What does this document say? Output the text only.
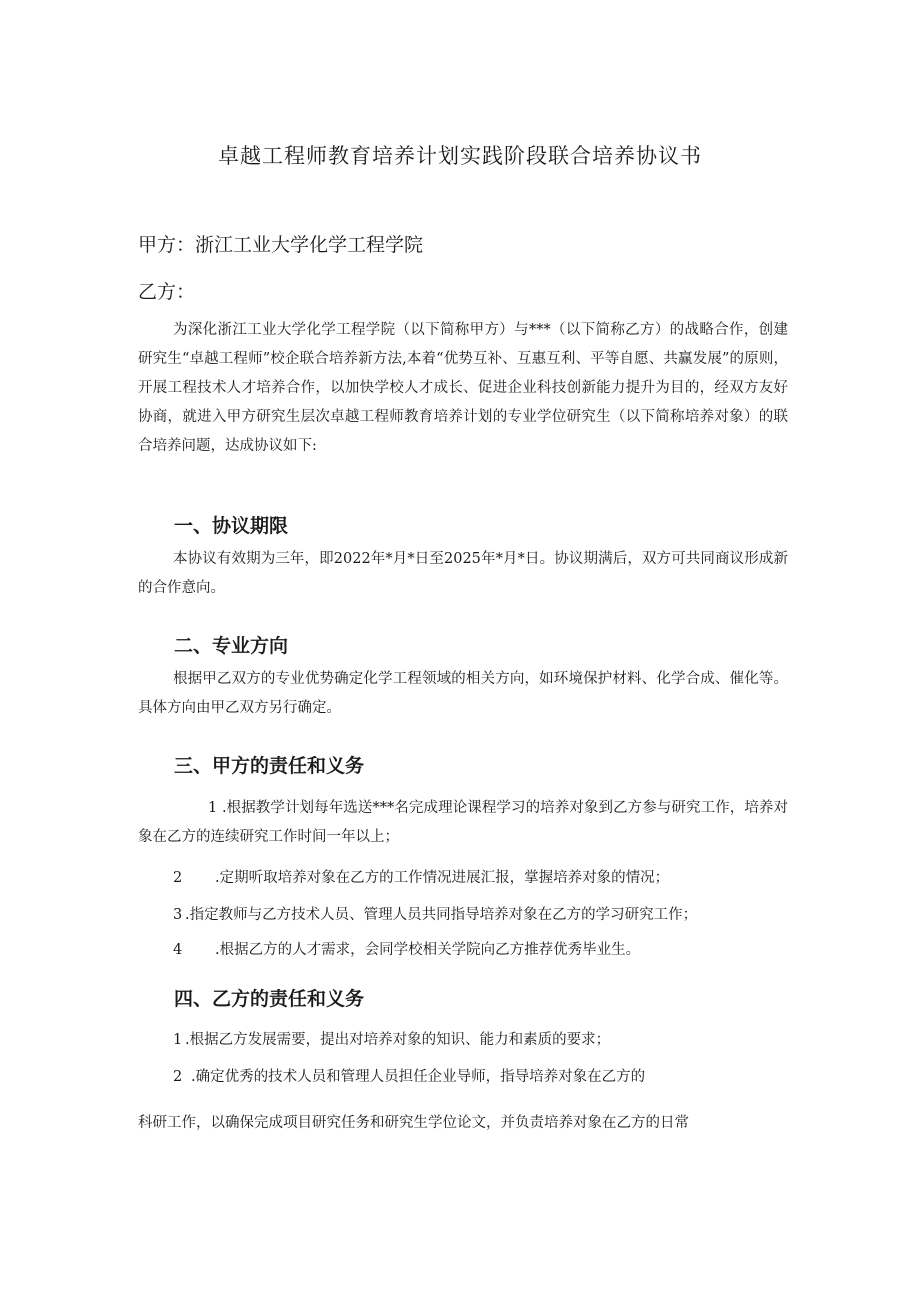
卓越工程师教育培养计划实践阶段联合培养协议书
甲方：浙江工业大学化学工程学院
乙方：
为深化浙江工业大学化学工程学院（以下简称甲方）与***（以下简称乙方）的战略合作，创建研究生“卓越工程师”校企联合培养新方法,本着“优势互补、互惠互利、平等自愿、共赢发展”的原则，开展工程技术人才培养合作，以加快学校人才成长、促进企业科技创新能力提升为目的，经双方友好协商，就进入甲方研究生层次卓越工程师教育培养计划的专业学位研究生（以下简称培养对象）的联合培养问题，达成协议如下:
一、协议期限
本协议有效期为三年，即2022年*月*日至2025年*月*日。协议期满后，双方可共同商议形成新的合作意向。
二、专业方向
根据甲乙双方的专业优势确定化学工程领域的相关方向，如环境保护材料、化学合成、催化等。具体方向由甲乙双方另行确定。
三、甲方的责任和义务
1 .根据教学计划每年选送***名完成理论课程学习的培养对象到乙方参与研究工作，培养对象在乙方的连续研究工作时间一年以上；
2 .定期听取培养对象在乙方的工作情况进展汇报，掌握培养对象的情况；
3 .指定教师与乙方技术人员、管理人员共同指导培养对象在乙方的学习研究工作；
4 .根据乙方的人才需求，会同学校相关学院向乙方推荐优秀毕业生。
四、乙方的责任和义务
1 .根据乙方发展需要，提出对培养对象的知识、能力和素质的要求；
2 .确定优秀的技术人员和管理人员担任企业导师，指导培养对象在乙方的
科研工作，以确保完成项目研究任务和研究生学位论文，并负责培养对象在乙方的日常
